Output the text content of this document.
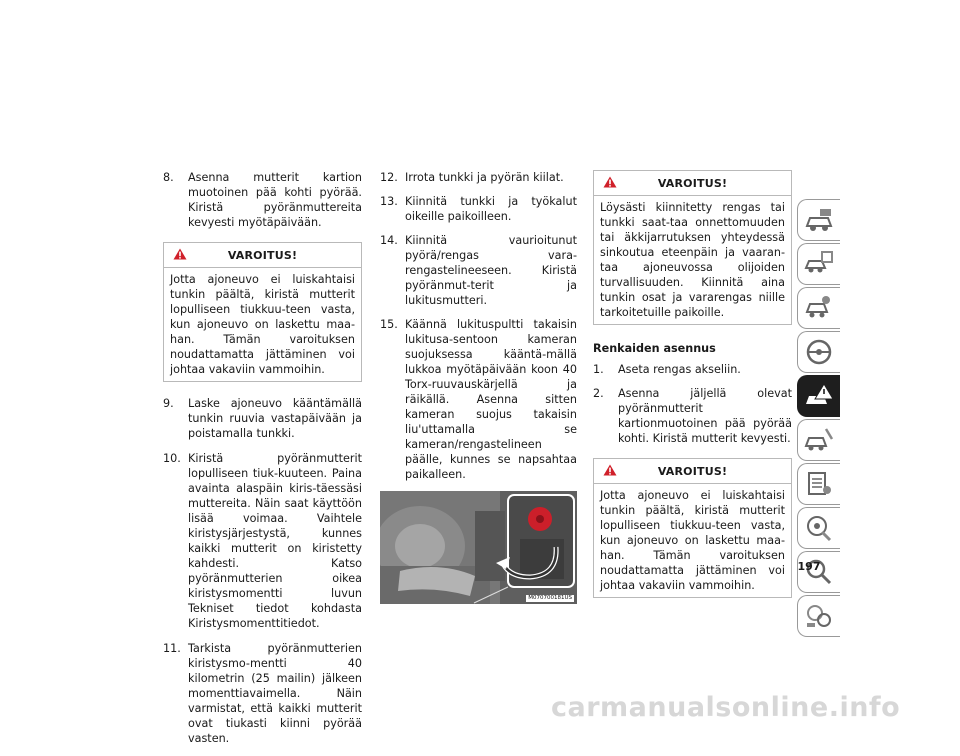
8. Asenna mutterit kartion muotoinen pää kohti pyörää. Kiristä pyöränmuttereita kevyesti myötäpäivään.
VAROITUS!
Jotta ajoneuvo ei luiskahtaisi tunkin päältä, kiristä mutterit lopulliseen tiukkuu-teen vasta, kun ajoneuvo on laskettu maa-han. Tämän varoituksen noudattamatta jättäminen voi johtaa vakaviin vammoihin.
9. Laske ajoneuvo kääntämällä tunkin ruuvia vastapäivään ja poistamalla tunkki.
10. Kiristä pyöränmutterit lopulliseen tiuk-kuuteen. Paina avainta alaspäin kiris-täessäsi muttereita. Näin saat käyttöön lisää voimaa. Vaihtele kiristysjärjestystä, kunnes kaikki mutterit on kiristetty kahdesti. Katso pyöränmutterien oikea kiristysmomentti luvun Tekniset tiedot kohdasta Kiristysmomenttitiedot.
11. Tarkista pyöränmutterien kiristysmo-mentti 40 kilometrin (25 mailin) jälkeen momenttiavaimella. Näin varmistat, että kaikki mutterit ovat tiukasti kiinni pyörää vasten.
12. Irrota tunkki ja pyörän kiilat.
13. Kiinnitä tunkki ja työkalut oikeille paikoilleen.
14. Kiinnitä vaurioitunut pyörä/rengas vara-rengastelineeseen. Kiristä pyöränmut-terit ja lukitusmutteri.
15. Käännä lukituspultti takaisin lukitusa-sentoon kameran suojuksessa kääntä-mällä lukkoa myötäpäivään koon 40 Torx-ruuvauskärjellä ja räikällä. Asenna sitten kameran suojus takaisin liu'uttamalla se kameran/rengastelineen päälle, kunnes se napsahtaa paikalleen.
M070700181US
VAROITUS!
Löysästi kiinnitetty rengas tai tunkki saat-taa onnettomuuden tai äkkijarrutuksen yhteydessä sinkoutua eteenpäin ja vaaran-taa ajoneuvossa olijoiden turvallisuuden. Kiinnitä aina tunkin osat ja vararengas niille tarkoitetuille paikoille.
Renkaiden asennus
1. Aseta rengas akseliin.
2. Asenna jäljellä olevat pyöränmutterit kartionmuotoinen pää pyörää kohti. Kiristä mutterit kevyesti.
VAROITUS!
Jotta ajoneuvo ei luiskahtaisi tunkin päältä, kiristä mutterit lopulliseen tiukkuu-teen vasta, kun ajoneuvo on laskettu maa-han. Tämän varoituksen noudattamatta jättäminen voi johtaa vakaviin vammoihin.
197
carmanualsonline.info
